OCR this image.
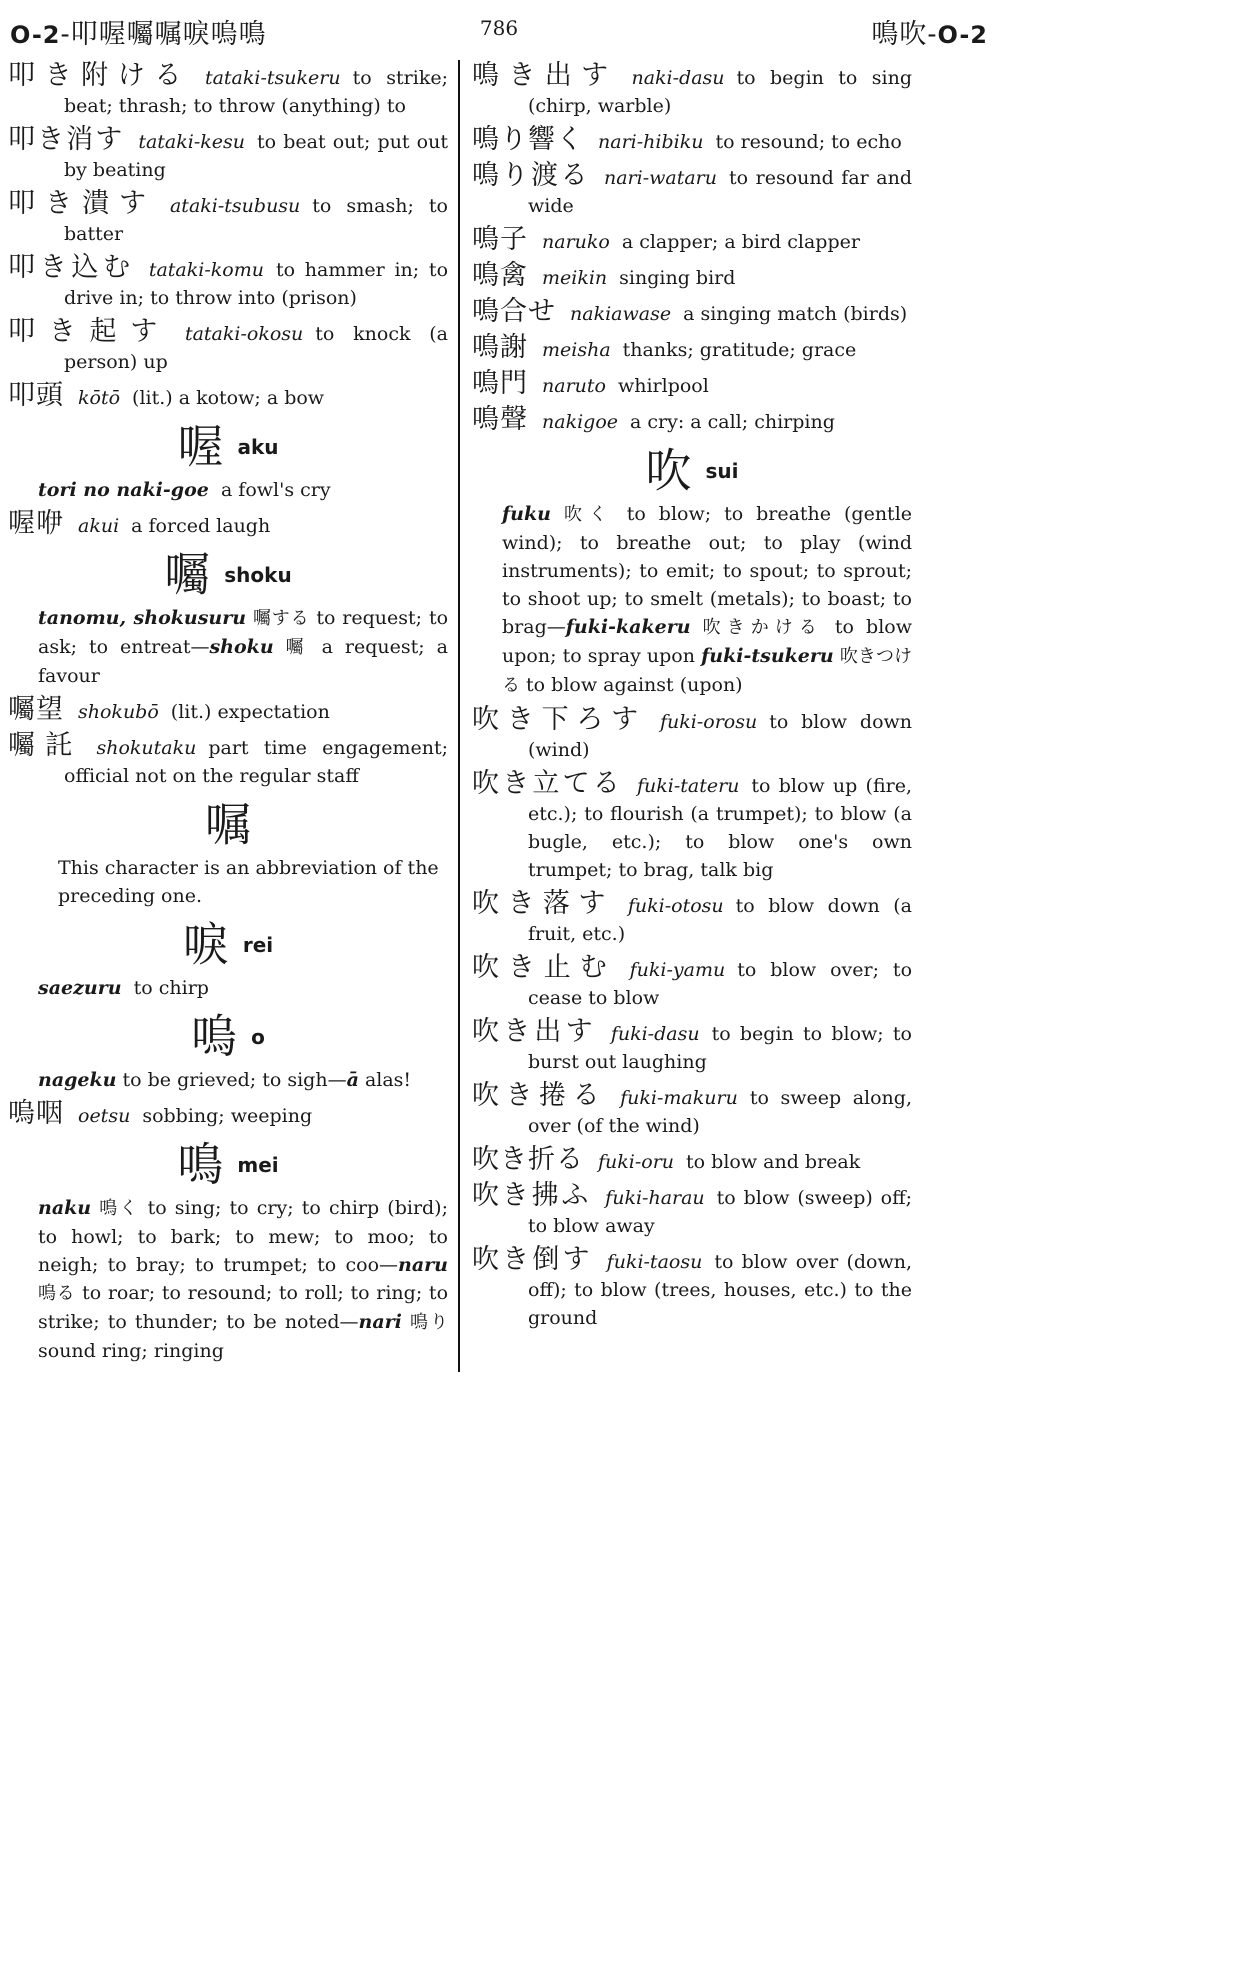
O-2-叩喔囑嘱唳嗚鳴	786	鳴吹-O-2
叩き附ける tataki-tsukeru to strike; beat; thrash; to throw (anything) to
叩き消す tataki-kesu to beat out; put out by beating
叩き潰す ataki-tsubusu to smash; to batter
叩き込む tataki-komu to hammer in; to drive in; to throw into (prison)
叩き起す tataki-okosu to knock (a person) up
叩頭 kōtō (lit.) a kotow; a bow
喔aku
tori no naki-goe a fowl's cry
喔咿 akui a forced laugh
囑shoku
tanomu, shokusuru 囑する to request; to ask; to entreat—shoku 囑 a request; a favour
囑望 shokubō (lit.) expectation
囑託 shokutaku part time engagement; official not on the regular staff
嘱
This character is an abbreviation of the preceding one.
唳rei
saezuru to chirp
嗚o
nageku to be grieved; to sigh—ā alas!
嗚咽 oetsu sobbing; weeping
鳴mei
naku 鳴く to sing; to cry; to chirp (bird); to howl; to bark; to mew; to moo; to neigh; to bray; to trumpet; to coo—naru 鳴る to roar; to resound; to roll; to ring; to strike; to thunder; to be noted—nari 鳴り sound ring; ringing
鳴き出す naki-dasu to begin to sing (chirp, warble)
鳴り響く nari-hibiku to resound; to echo
鳴り渡る nari-wataru to resound far and wide
鳴子 naruko a clapper; a bird clapper
鳴禽 meikin singing bird
鳴合せ nakiawase a singing match (birds)
鳴謝 meisha thanks; gratitude; grace
鳴門 naruto whirlpool
鳴聲 nakigoe a cry: a call; chirping
吹sui
fuku 吹く to blow; to breathe (gentle wind); to breathe out; to play (wind instruments); to emit; to spout; to sprout; to shoot up; to smelt (metals); to boast; to brag—fuki-kakeru 吹きかける to blow upon; to spray upon fuki-tsukeru 吹きつける to blow against (upon)
吹き下ろす fuki-orosu to blow down (wind)
吹き立てる fuki-tateru to blow up (fire, etc.); to flourish (a trumpet); to blow (a bugle, etc.); to blow one's own trumpet; to brag, talk big
吹き落す fuki-otosu to blow down (a fruit, etc.)
吹き止む fuki-yamu to blow over; to cease to blow
吹き出す fuki-dasu to begin to blow; to burst out laughing
吹き捲る fuki-makuru to sweep along, over (of the wind)
吹き折る fuki-oru to blow and break
吹き拂ふ fuki-harau to blow (sweep) off; to blow away
吹き倒す fuki-taosu to blow over (down, off); to blow (trees, houses, etc.) to the ground
